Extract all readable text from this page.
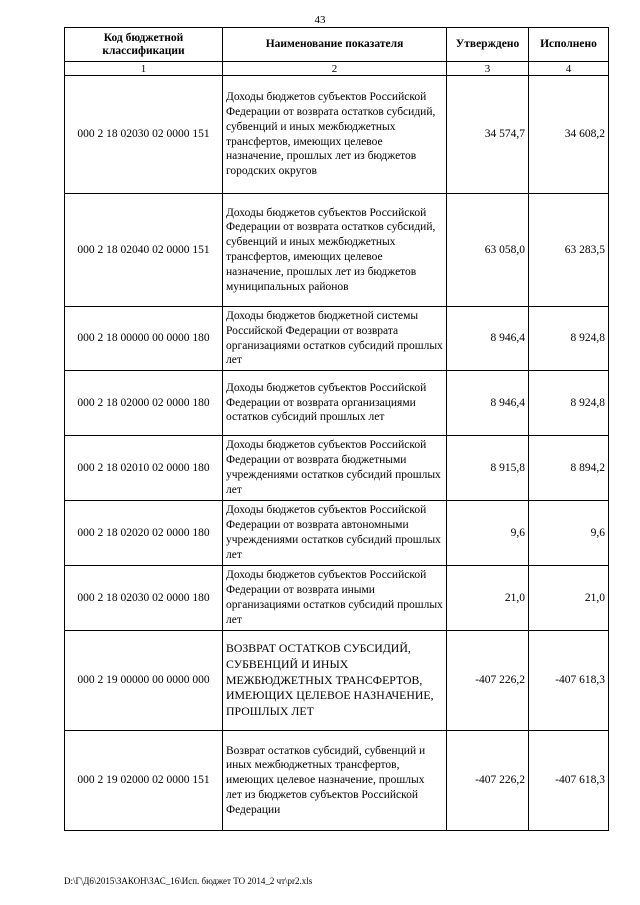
43
Код бюджетной классификации	Наименование показателя	Утверждено	Исполнено
1	2	3	4
000 2 18 02030 02 0000 151	Доходы бюджетов субъектов Российской Федерации от возврата остатков субсидий, субвенций и иных межбюджетных трансфертов, имеющих целевое назначение, прошлых лет из бюджетов городских округов	34 574,7	34 608,2
000 2 18 02040 02 0000 151	Доходы бюджетов субъектов Российской Федерации от возврата остатков субсидий, субвенций и иных межбюджетных трансфертов, имеющих целевое назначение, прошлых лет из бюджетов муниципальных районов	63 058,0	63 283,5
000 2 18 00000 00 0000 180	Доходы бюджетов бюджетной системы Российской Федерации от возврата организациями остатков субсидий прошлых лет	8 946,4	8 924,8
000 2 18 02000 02 0000 180	Доходы бюджетов субъектов Российской Федерации от возврата организациями остатков субсидий прошлых лет	8 946,4	8 924,8
000 2 18 02010 02 0000 180	Доходы бюджетов субъектов Российской Федерации от возврата бюджетными учреждениями остатков субсидий прошлых лет	8 915,8	8 894,2
000 2 18 02020 02 0000 180	Доходы бюджетов субъектов Российской Федерации от возврата автономными учреждениями остатков субсидий прошлых лет	9,6	9,6
000 2 18 02030 02 0000 180	Доходы бюджетов субъектов Российской Федерации от возврата иными организациями остатков субсидий прошлых лет	21,0	21,0
000 2 19 00000 00 0000 000	ВОЗВРАТ ОСТАТКОВ СУБСИДИЙ, СУБВЕНЦИЙ И ИНЫХ МЕЖБЮДЖЕТНЫХ ТРАНСФЕРТОВ, ИМЕЮЩИХ ЦЕЛЕВОЕ НАЗНАЧЕНИЕ, ПРОШЛЫХ ЛЕТ	-407 226,2	-407 618,3
000 2 19 02000 02 0000 151	Возврат остатков субсидий, субвенций и иных межбюджетных трансфертов, имеющих целевое назначение, прошлых лет из бюджетов субъектов Российской Федерации	-407 226,2	-407 618,3
D:\Г\Д6\2015\ЗАКОН\ЗАС_16\Исп. бюджет ТО 2014_2 чт\pr2.xls
